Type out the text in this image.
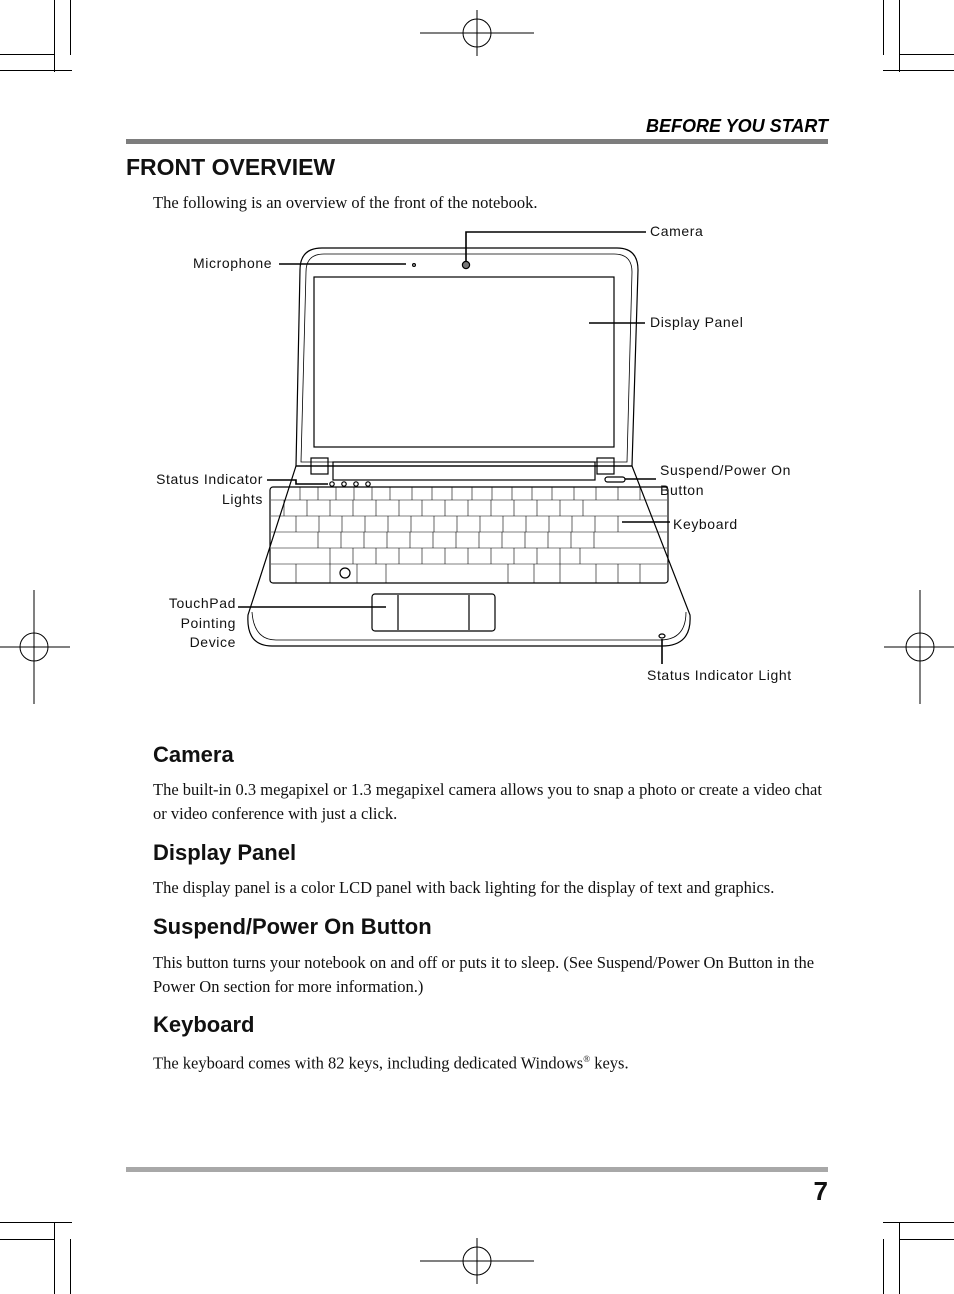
BEFORE YOU START
FRONT OVERVIEW
The following is an overview of the front of the notebook.
Camera
Microphone
Display Panel
Status Indicator
Lights
Suspend/Power On
Button
Keyboard
TouchPad
Pointing
Device
Status Indicator Light
Camera
The built-in 0.3 megapixel or 1.3 megapixel camera allows you to snap a photo or create a video chat or video conference with just a click.
Display Panel
The display panel is a color LCD panel with back lighting for the display of text and graphics.
Suspend/Power On Button
This button turns your notebook on and off or puts it to sleep. (See Suspend/Power On Button in the Power On section for more information.)
Keyboard
The keyboard comes with 82 keys, including dedicated Windows® keys.
7
